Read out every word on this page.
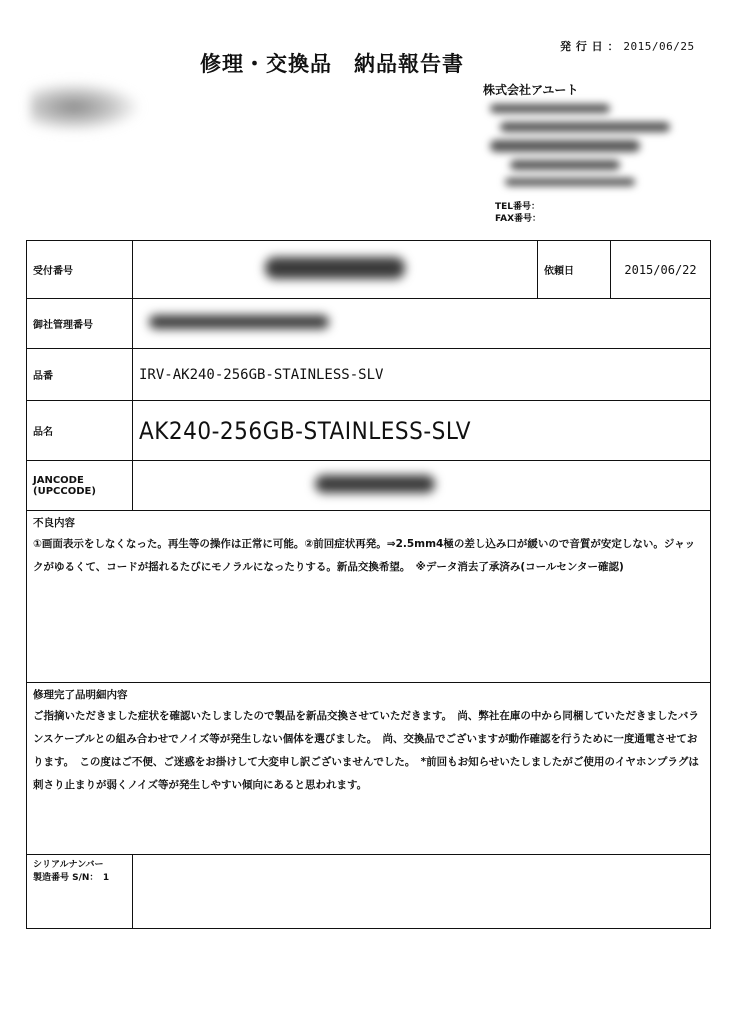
発 行 日 ： 2015/06/25
修理・交換品　納品報告書
株式会社アユート
TEL番号：
FAX番号：
受付番号		依頼日	2015/06/22
御社管理番号			
品番	IRV-AK240-256GB-STAINLESS-SLV		
品名	AK240-256GB-STAINLESS-SLV		

JANCODE
(UPCCODE)			

不良内容
①画面表示をしなくなった。再生等の操作は正常に可能。②前回症状再発。⇒2.5mm4極の差し込み口が緩いので音質が安定しない。ジャックがゆるくて、コードが揺れるたびにモノラルになったりする。新品交換希望。　※データ消去了承済み(コールセンター確認)			

修理完了品明細内容
ご指摘いただきました症状を確認いたしましたので製品を新品交換させていただきます。　尚、弊社在庫の中から同梱していただきましたバランスケーブルとの組み合わせでノイズ等が発生しない個体を選びました。　尚、交換品でございますが動作確認を行うために一度通電させております。　この度はご不便、ご迷惑をお掛けして大変申し訳ございませんでした。　*前回もお知らせいたしましたがご使用のイヤホンプラグは刺さり止まりが弱くノイズ等が発生しやすい傾向にあると思われます。			

シリアルナンバー
製造番号 S/N：　1			
